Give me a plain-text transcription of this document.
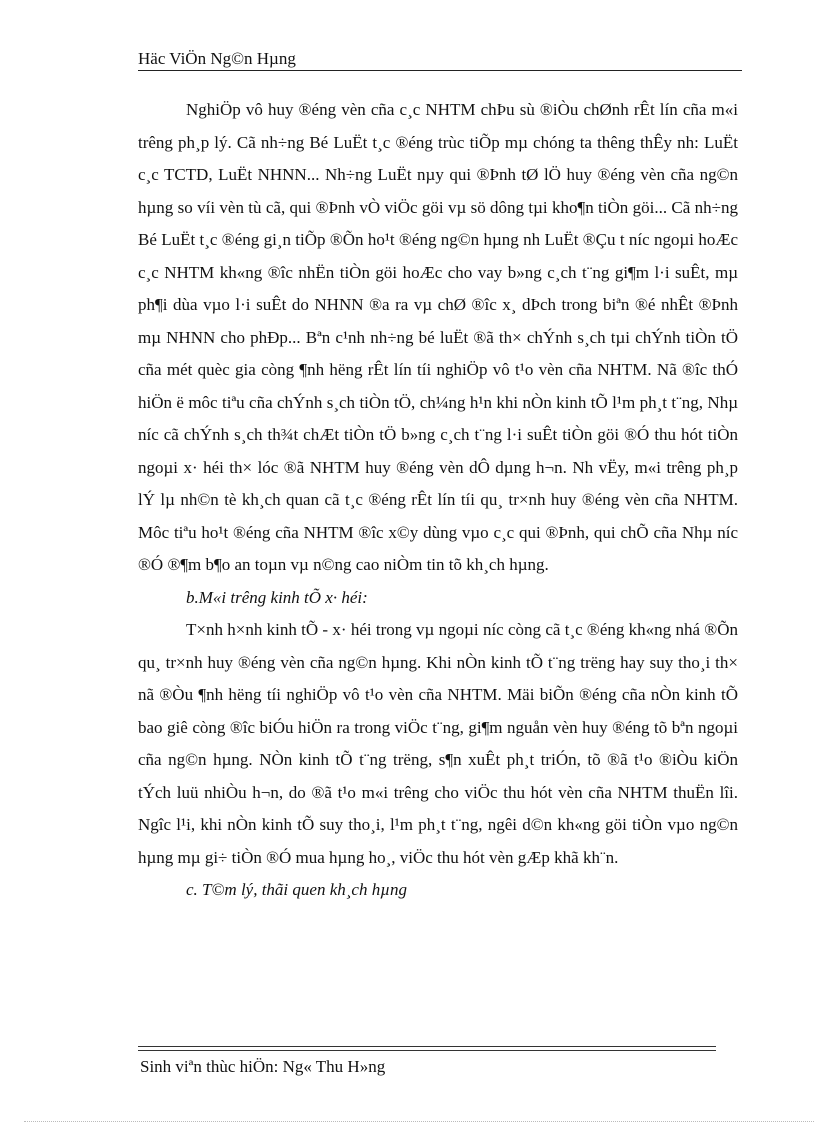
Häc ViÖn Ng©n Hµng

NghiÖp vô huy ®éng vèn cña c¸c NHTM chÞu sù ®iÒu chØnh rÊt lín cña m«i trêng ph¸p lý. Cã nh÷ng Bé LuËt t¸c ®éng trùc tiÕp mµ chóng ta thêng thÊy nh: LuËt c¸c TCTD, LuËt NHNN... Nh÷ng LuËt nµy qui ®Þnh tØ lÖ huy ®éng vèn cña ng©n hµng so víi vèn tù cã, qui ®Þnh vÒ viÖc göi vµ sö dông tµi kho¶n tiÒn göi... Cã nh÷ng Bé LuËt t¸c ®éng gi¸n tiÕp ®Õn ho¹t ®éng ng©n hµng nh LuËt ®Çu t níc ngoµi hoÆc c¸c NHTM kh«ng ®îc nhËn tiÒn göi hoÆc cho vay b»ng c¸ch t¨ng gi¶m l·i suÊt, mµ ph¶i dùa vµo l·i suÊt do NHNN ®a ra vµ chØ ®îc x¸ dÞch trong biªn ®é nhÊt ®Þnh mµ NHNN cho phÐp... Bªn c¹nh nh÷ng bé luËt ®ã th× chÝnh s¸ch tµi chÝnh tiÒn tÖ cña mét quèc gia còng ¶nh hëng rÊt lín tíi nghiÖp vô t¹o vèn cña NHTM. Nã ®îc thÓ hiÖn ë môc tiªu cña chÝnh s¸ch tiÒn tÖ, ch¼ng h¹n khi nÒn kinh tÕ l¹m ph¸t t¨ng, Nhµ níc cã chÝnh s¸ch th¾t chÆt tiÒn tÖ b»ng c¸ch t¨ng l·i suÊt tiÒn göi ®Ó thu hót tiÒn ngoµi x· héi th× lóc ®ã NHTM huy ®éng vèn dÔ dµng h¬n. Nh vËy, m«i trêng ph¸p lÝ lµ nh©n tè kh¸ch quan cã t¸c ®éng rÊt lín tíi qu¸ tr×nh huy ®éng vèn cña NHTM. Môc tiªu ho¹t ®éng cña NHTM ®îc x©y dùng vµo c¸c qui ®Þnh, qui chÕ cña Nhµ níc ®Ó ®¶m b¶o an toµn vµ n©ng cao niÒm tin tõ kh¸ch hµng.

b.M«i trêng kinh tÕ x· héi:

T×nh h×nh kinh tÕ - x· héi trong vµ ngoµi níc còng cã t¸c ®éng kh«ng nhá ®Õn qu¸ tr×nh huy ®éng vèn cña ng©n hµng. Khi nÒn kinh tÕ t¨ng trëng hay suy tho¸i th× nã ®Òu ¶nh hëng tíi nghiÖp vô t¹o vèn cña NHTM. Mäi biÕn ®éng cña nÒn kinh tÕ bao giê còng ®îc biÓu hiÖn ra trong viÖc t¨ng, gi¶m nguån vèn huy ®éng tõ bªn ngoµi cña ng©n hµng. NÒn kinh tÕ t¨ng trëng, s¶n xuÊt ph¸t triÓn, tõ ®ã t¹o ®iÒu kiÖn tÝch luü nhiÒu h¬n, do ®ã t¹o m«i trêng cho viÖc thu hót vèn cña NHTM thuËn lîi. Ngîc l¹i, khi nÒn kinh tÕ suy tho¸i, l¹m ph¸t t¨ng, ngêi d©n kh«ng göi tiÒn vµo ng©n hµng mµ gi÷ tiÒn ®Ó mua hµng ho¸, viÖc thu hót vèn gÆp khã kh¨n.

c. T©m lý, thãi quen kh¸ch hµng

Sinh viªn thùc hiÖn: Ng« Thu H»ng
